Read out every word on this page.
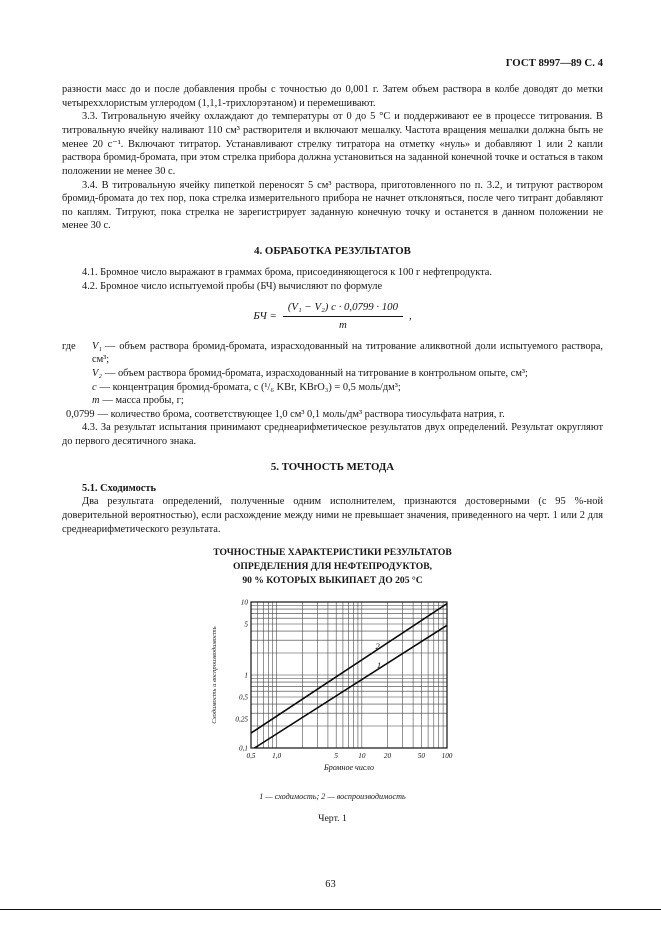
ГОСТ 8997—89 С. 4

разности масс до и после добавления пробы с точностью до 0,001 г. Затем объем раствора в колбе доводят до метки четыреххлористым углеродом (1,1,1-трихлорэтаном) и перемешивают.

3.3. Титровальную ячейку охлаждают до температуры от 0 до 5 °С и поддерживают ее в процессе титрования. В титровальную ячейку наливают 110 см³ растворителя и включают мешалку. Частота вращения мешалки должна быть не менее 20 с⁻¹. Включают титратор. Устанавливают стрелку титратора на отметку «нуль» и добавляют 1 или 2 капли раствора бромид-бромата, при этом стрелка прибора должна установиться на заданной конечной точке и остаться в таком положении не менее 30 с.

3.4. В титровальную ячейку пипеткой переносят 5 см³ раствора, приготовленного по п. 3.2, и титруют раствором бромид-бромата до тех пор, пока стрелка измерительного прибора не начнет отклоняться, после чего титрант добавляют по каплям. Титруют, пока стрелка не зарегистрирует заданную конечную точку и останется в данном положении не менее 30 с.

4. ОБРАБОТКА РЕЗУЛЬТАТОВ

4.1. Бромное число выражают в граммах брома, присоединяющегося к 100 г нефтепродукта.

4.2. Бромное число испытуемой пробы (БЧ) вычисляют по формуле

БЧ = $\frac{\text{(V₁ − V₂) c · 0,0799 · 100}}{m}$ ,
где V₁ — объем раствора бромид-бромата, израсходованный на титрование аликвотной доли испытуемого раствора, см³;
V₂ — объем раствора бромид-бромата, израсходованный на титрование в контрольном опыте, см³;
c — концентрация бромид-бромата, c (¹/₆ KBr, KBrO₃) = 0,5 моль/дм³;
m — масса пробы, г;
0,0799 — количество брома, соответствующее 1,0 см³ 0,1 моль/дм³ раствора тиосульфата натрия, г.

4.3. За результат испытания принимают среднеарифметическое результатов двух определений. Результат округляют до первого десятичного знака.

5. ТОЧНОСТЬ МЕТОДА
5.1. Сходимость

Два результата определений, полученные одним исполнителем, признаются достоверными (с 95 %-ной доверительной вероятностью), если расхождение между ними не превышает значения, приведенного на черт. 1 или 2 для среднеарифметического результата.

ТОЧНОСТНЫЕ ХАРАКТЕРИСТИКИ РЕЗУЛЬТАТОВ
ОПРЕДЕЛЕНИЯ ДЛЯ НЕФТЕПРОДУКТОВ,
90 % КОТОРЫХ ВЫКИПАЕТ ДО 205 °С
1
2
0,5 1,0	5	10	20	50 100
0,1
0,25
0,5
1
5
10
Бромное число
Сходимость и воспроизводимость
1 — сходимость; 2 — воспроизводимость
Черт. 1
63
